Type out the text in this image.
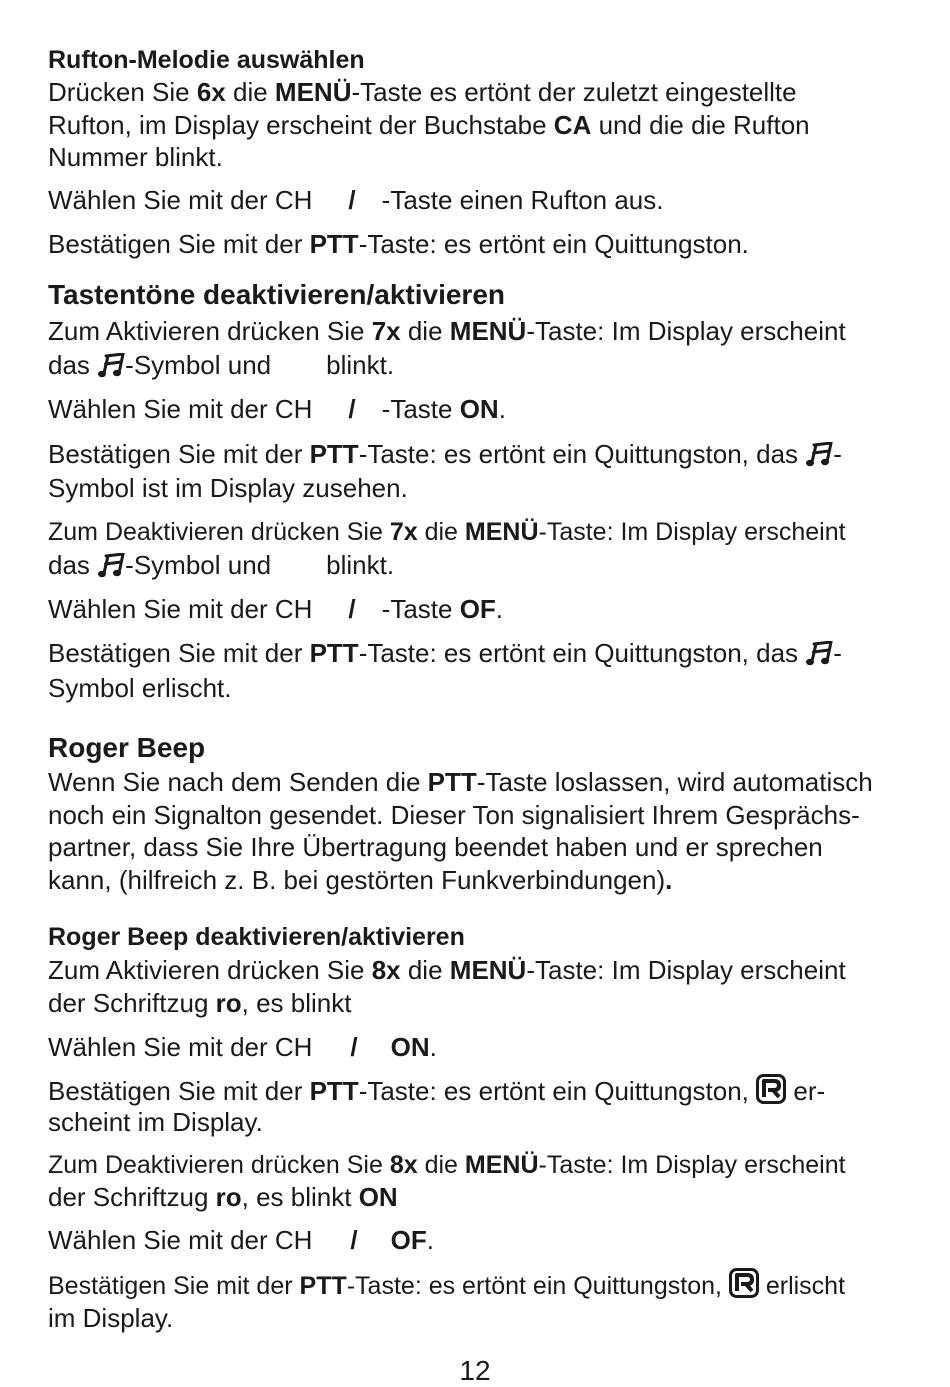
Rufton-Melodie auswählen
Drücken Sie 6x die MENÜ-Taste es ertönt der zuletzt eingestellte
Rufton, im Display erscheint der Buchstabe CA und die die Rufton
Nummer blinkt.
Wählen Sie mit der CH / -Taste einen Rufton aus.
Bestätigen Sie mit der PTT-Taste: es ertönt ein Quittungston.
Tastentöne deaktivieren/aktivieren
Zum Aktivieren drücken Sie 7x die MENÜ-Taste: Im Display erscheint
das -Symbol und blinkt.
Wählen Sie mit der CH / -Taste ON.
Bestätigen Sie mit der PTT-Taste: es ertönt ein Quittungston, das -
Symbol ist im Display zusehen.
Zum Deaktivieren drücken Sie 7x die MENÜ-Taste: Im Display erscheint
das -Symbol und blinkt.
Wählen Sie mit der CH / -Taste OF.
Bestätigen Sie mit der PTT-Taste: es ertönt ein Quittungston, das -
Symbol erlischt.
Roger Beep
Wenn Sie nach dem Senden die PTT-Taste loslassen, wird automatisch
noch ein Signalton gesendet. Dieser Ton signalisiert Ihrem Gesprächs-
partner, dass Sie Ihre Übertragung beendet haben und er sprechen
kann, (hilfreich z. B. bei gestörten Funkverbindungen).
Roger Beep deaktivieren/aktivieren
Zum Aktivieren drücken Sie 8x die MENÜ-Taste: Im Display erscheint
der Schriftzug ro, es blinkt
Wählen Sie mit der CH / ON.
Bestätigen Sie mit der PTT-Taste: es ertönt ein Quittungston,  er-
scheint im Display.
Zum Deaktivieren drücken Sie 8x die MENÜ-Taste: Im Display erscheint
der Schriftzug ro, es blinkt ON
Wählen Sie mit der CH / OF.
Bestätigen Sie mit der PTT-Taste: es ertönt ein Quittungston,  erlischt
im Display.
12
